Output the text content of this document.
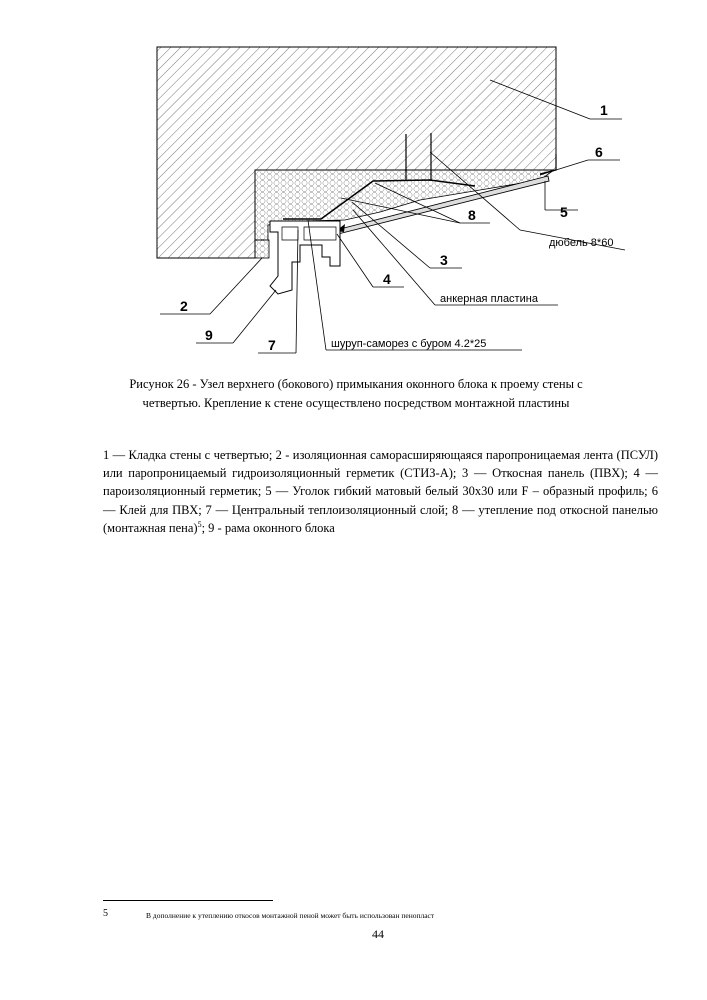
1
6
5
8
3
4
2
9
7
дюбель 8*60
анкерная пластина
шуруп-саморез с буром 4.2*25
Рисунок 26 - Узел верхнего (бокового) примыкания оконного блока к проему стены с четвертью. Крепление к стене осуществлено посредством монтажной пластины
1 — Кладка стены с четвертью; 2 - изоляционная саморасширяющаяся паропроницаемая лента (ПСУЛ) или паропроницаемый гидроизоляционный герметик (СТИЗ-А); 3 — Откосная панель (ПВХ); 4 — пароизоляционный герметик; 5 — Уголок гибкий матовый белый 30х30 или F – образный профиль; 6 — Клей для ПВХ; 7 — Центральный теплоизоляционный слой; 8 — утепление под откосной панелью (монтажная пена)$^5$; 9 - рама оконного блока
5	В дополнение к утеплению откосов монтажной пеной может быть использован пенопласт
44
